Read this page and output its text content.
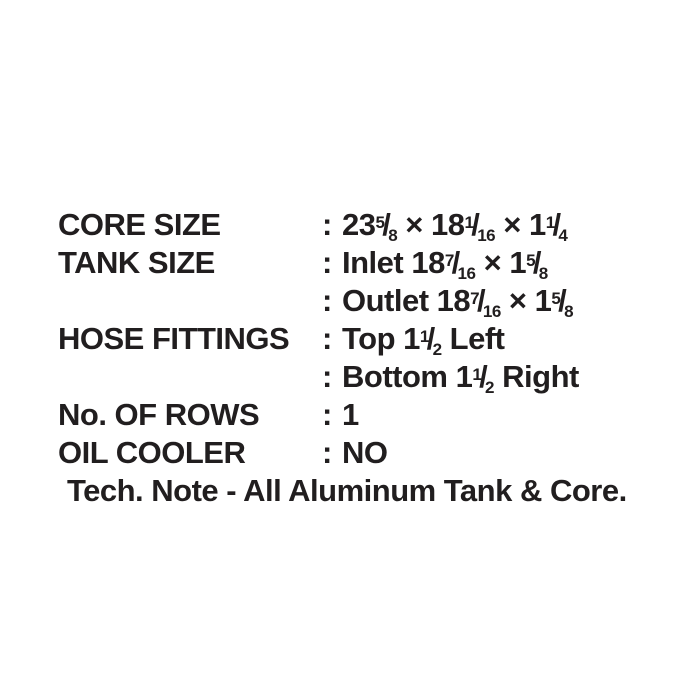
CORE SIZE	: $23^5/8 \times 18^1/16 \times 1^1/4$
TANK SIZE	: Inlet $18^7/16 \times 1^5/8$
: Outlet $18^7/16 \times 1^5/8$
HOSE FITTINGS	: Top $1^1/2$ Left
: Bottom $1^1/2$ Right
No. OF ROWS	: 1
OIL COOLER	: NO
Tech. Note - All Aluminum Tank & Core.
